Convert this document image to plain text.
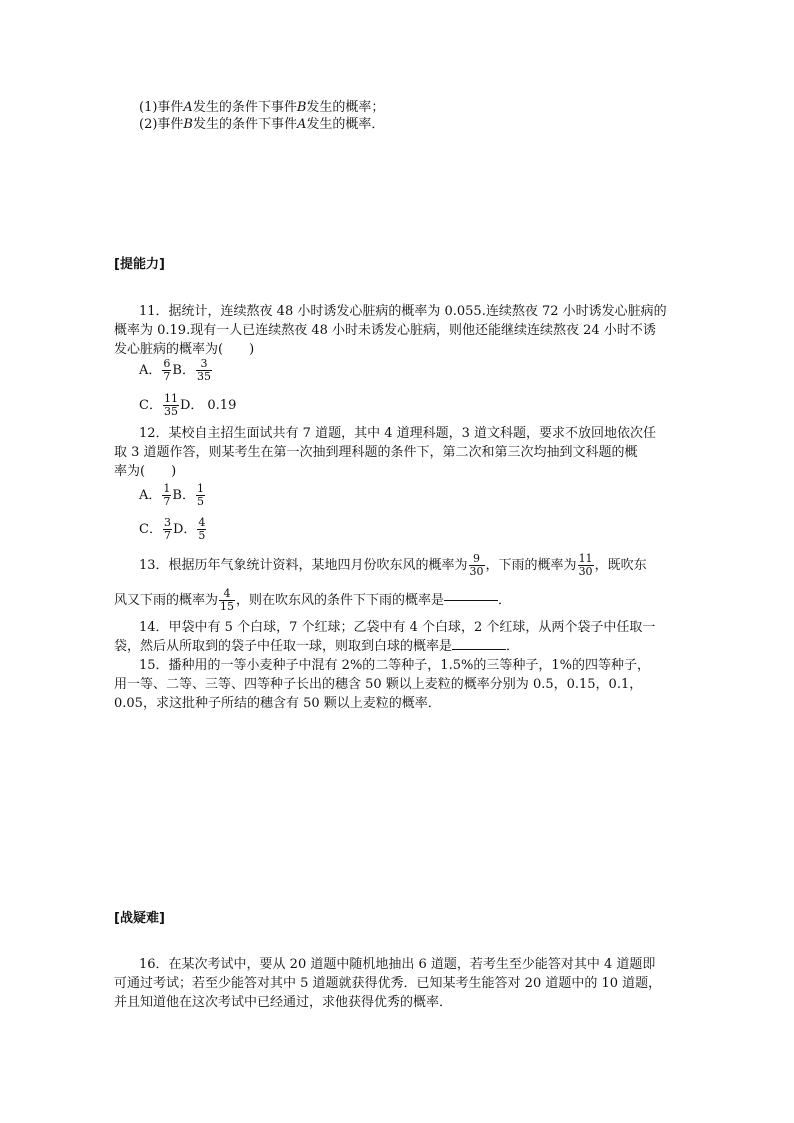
(1)事件A发生的条件下事件B发生的概率；
(2)事件B发生的条件下事件A发生的概率．
[提能力]
11．据统计，连续熬夜 48 小时诱发心脏病的概率为 0.055.连续熬夜 72 小时诱发心脏病的
概率为 0.19.现有一人已连续熬夜 48 小时未诱发心脏病，则他还能继续连续熬夜 24 小时不诱
发心脏病的概率为(　　)
A． $\frac{6}{7}$ B． $\frac{3}{35}$
C． $\frac{11}{35}$ D． 0.19
12．某校自主招生面试共有 7 道题，其中 4 道理科题，3 道文科题，要求不放回地依次任
取 3 道题作答，则某考生在第一次抽到理科题的条件下，第二次和第三次均抽到文科题的概
率为(　　)
A． $\frac{1}{7}$ B． $\frac{1}{5}$
C． $\frac{3}{7}$ D． $\frac{4}{5}$
13．根据历年气象统计资料，某地四月份吹东风的概率为 $\frac{9}{30}$ ，下雨的概率为 $\frac{11}{30}$ ，既吹东
风又下雨的概率为 $\frac{4}{15}$ ，则在吹东风的条件下下雨的概率是	．
14．甲袋中有 5 个白球，7 个红球；乙袋中有 4 个白球，2 个红球，从两个袋子中任取一
袋，然后从所取到的袋子中任取一球，则取到白球的概率是	．
15．播种用的一等小麦种子中混有 2%的二等种子，1.5%的三等种子，1%的四等种子，
用一等、二等、三等、四等种子长出的穗含 50 颗以上麦粒的概率分别为 0.5，0.15，0.1，
0.05，求这批种子所结的穗含有 50 颗以上麦粒的概率．
[战疑难]
16．在某次考试中，要从 20 道题中随机地抽出 6 道题，若考生至少能答对其中 4 道题即
可通过考试；若至少能答对其中 5 道题就获得优秀．已知某考生能答对 20 道题中的 10 道题，
并且知道他在这次考试中已经通过，求他获得优秀的概率．
